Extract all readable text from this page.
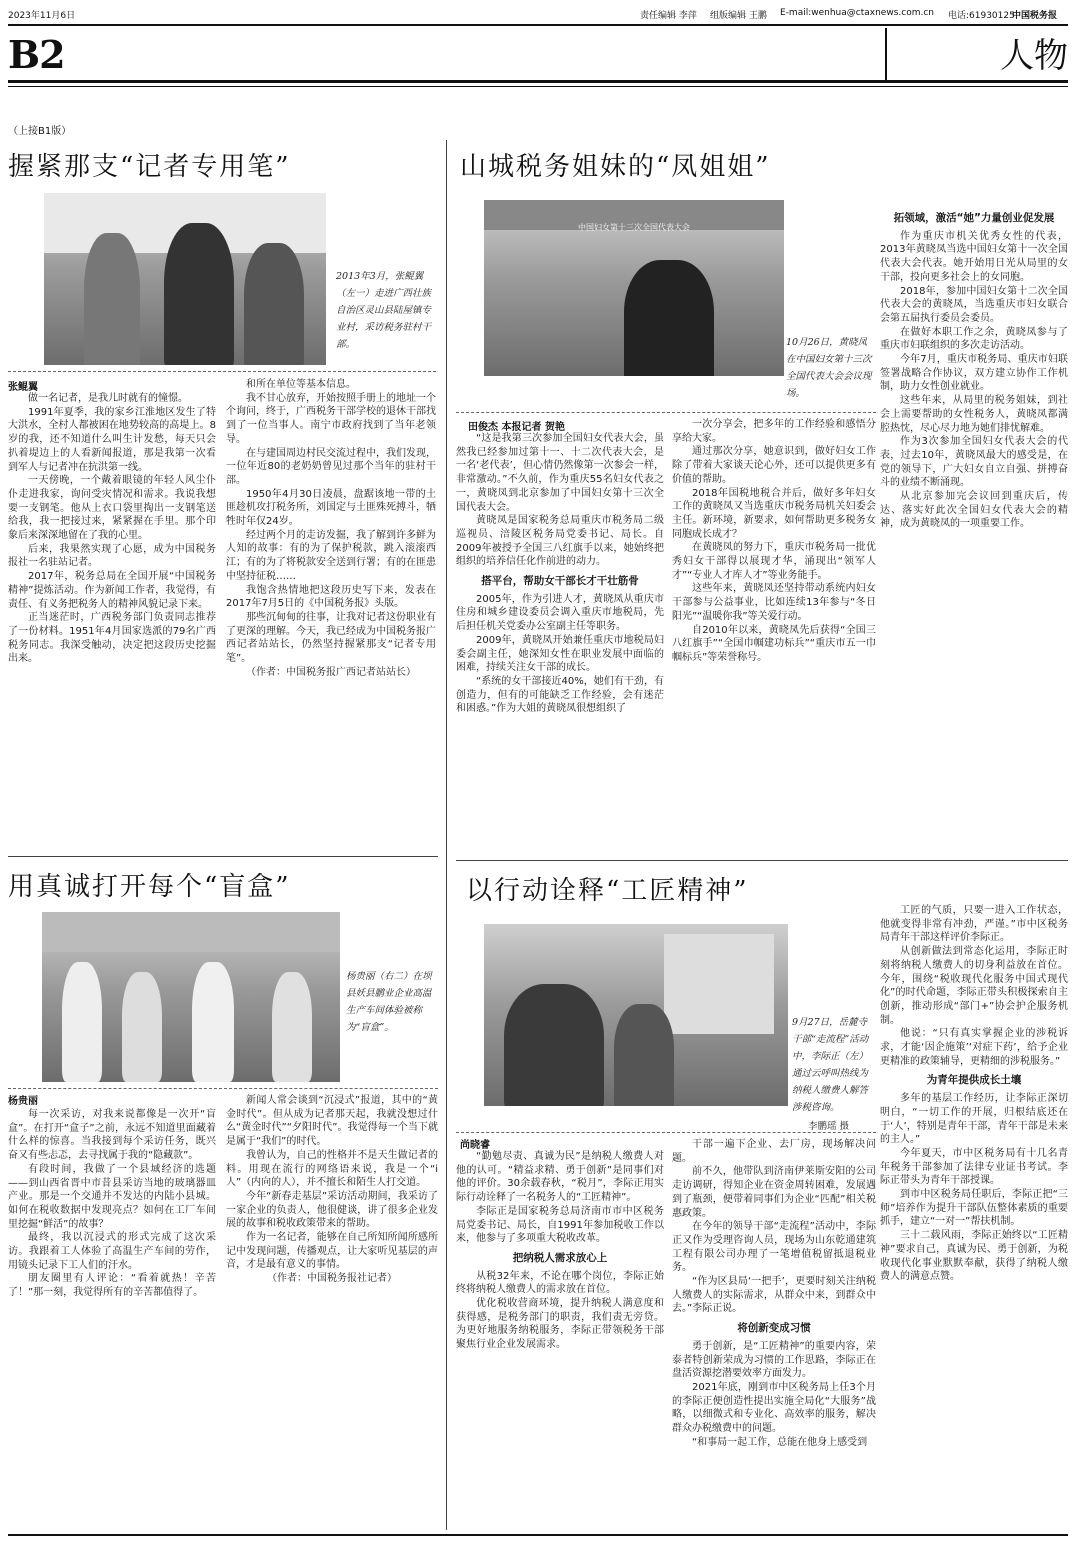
2023年11月6日	责任编辑 李萍 组版编辑 王鹏 E-mail:wenhua@ctaxnews.com.cn 电话:61930125
中国税务报
B2	人物
（上接B1版）
握紧那支“记者专用笔”
2013年3月，张鲲翼（左一）走进广西壮族自治区灵山县陆屋镇专业村，采访税务驻村干部。
张鲲翼

做一名记者，是我儿时就有的憧憬。

1991年夏季，我的家乡江淮地区发生了特大洪水，全村人都被困在地势较高的高堤上。8岁的我，还不知道什么叫生计发愁，每天只会扒着堤边上的人看新闻报道，那是我第一次看到军人与记者冲在抗洪第一线。

一天傍晚，一个戴着眼镜的年轻人风尘仆仆走进我家，询问受灾情况和需求。我说我想要一支钢笔。他从上衣口袋里掏出一支钢笔送给我，我一把接过来，紧紧握在手里。那个印象后来深深地留在了我的心里。

后来，我果然实现了心愿，成为中国税务报社一名驻站记者。

2017年，税务总局在全国开展“中国税务精神”提炼活动。作为新闻工作者，我觉得，有责任、有义务把税务人的精神风貌记录下来。

正当迷茫时，广西税务部门负责同志推荐了一份材料。1951年4月国家选派的79名广西税务同志。我深受触动，决定把这段历史挖掘出来。

和所在单位等基本信息。

我不甘心放弃，开始按照手册上的地址一个个询问，终于，广西税务干部学校的退休干部找到了一位当事人。南宁市政府找到了当年老领导。

在与建国周边村民交流过程中，我们发现，一位年近80的老奶奶曾见过那个当年的驻村干部。

1950年4月30日凌晨，盘踞该地一带的土匪趁机攻打税务所，刘国定与土匪殊死搏斗，牺牲时年仅24岁。

经过两个月的走访发掘，我了解到许多鲜为人知的故事：有的为了保护税款，跳入滚滚西江；有的为了将税款安全送到行署；有的在匪患中坚持征税……

我饱含热情地把这段历史写下来，发表在2017年7月5日的《中国税务报》头版。

那些沉甸甸的往事，让我对记者这份职业有了更深的理解。今天，我已经成为中国税务报广西记者站站长，仍然坚持握紧那支“记者专用笔”。

（作者：中国税务报广西记者站站长）

用真诚打开每个“盲盒”
杨贵丽（右二）在坝县妖县鹏业企业高温生产车间体验被称为“盲盒”。
杨贵丽

每一次采访，对我来说都像是一次开“盲盒”。在打开“盒子”之前，永远不知道里面藏着什么样的惊喜。当我接到每个采访任务，既兴奋又有些忐忑，去寻找属于我的“隐藏款”。

有段时间，我做了一个县域经济的选题——到山西省晋中市昔县采访当地的玻璃器皿产业。那是一个交通并不发达的内陆小县城。如何在税收数据中发现亮点？如何在工厂车间里挖掘“鲜活”的故事？

最终，我以沉浸式的形式完成了这次采访。我跟着工人体验了高温生产车间的劳作，用镜头记录下工人们的汗水。

朋友圈里有人评论：“看着就热！辛苦了！”那一刻，我觉得所有的辛苦都值得了。

新闻人常会谈到“沉浸式”报道，其中的“黄金时代”。但从成为记者那天起，我就没想过什么“黄金时代”“夕阳时代”。我觉得每一个当下就是属于“我们”的时代。

我曾认为，自己的性格并不是天生做记者的料。用现在流行的网络语来说，我是一个“i人”（内向的人），并不擅长和陌生人打交道。

今年“新春走基层”采访活动期间，我采访了一家企业的负责人，他很健谈，讲了很多企业发展的故事和税收政策带来的帮助。

作为一名记者，能够在自己所知所闻所感所记中发现问题，传播观点，让大家听见基层的声音，才是最有意义的事情。

（作者：中国税务报社记者）

山城税务姐妹的“凤姐姐”
中国妇女第十三次全国代表大会
10月26日，黄晓凤在中国妇女第十三次全国代表大会会议现场。
田俊杰 本报记者 贺艳

“这是我第三次参加全国妇女代表大会，虽然我已经参加过第十一、十二次代表大会，是一名‘老代表’，但心情仍然像第一次参会一样，非常激动。”不久前，作为重庆55名妇女代表之一，黄晓凤到北京参加了中国妇女第十三次全国代表大会。

黄晓凤是国家税务总局重庆市税务局二级巡视员、涪陵区税务局党委书记、局长。自2009年被授予全国三八红旗手以来，她始终把组织的培养信任化作前进的动力。

搭平台，帮助女干部长才干壮筋骨

2005年，作为引进人才，黄晓凤从重庆市住房和城乡建设委员会调入重庆市地税局，先后担任机关党委办公室副主任等职务。

2009年，黄晓凤开始兼任重庆市地税局妇委会副主任，她深知女性在职业发展中面临的困难，持续关注女干部的成长。

“系统的女干部接近40%，她们有干劲，有创造力，但有的可能缺乏工作经验，会有迷茫和困惑。”作为大姐的黄晓凤很想组织了

一次分享会，把多年的工作经验和感悟分享给大家。

通过那次分享，她意识到，做好妇女工作除了带着大家谈天论心外，还可以提供更多有价值的帮助。

2018年国税地税合并后，做好多年妇女工作的黄晓凤又当选重庆市税务局机关妇委会主任。新环境，新要求，如何帮助更多税务女同胞成长成才？

在黄晓凤的努力下，重庆市税务局一批优秀妇女干部得以展现才华，涌现出“领军人才”“专业人才库人才”等业务能手。

这些年来，黄晓凤还坚持带动系统内妇女干部参与公益事业，比如连续13年参与“冬日阳光”“温暖你我”等关爱行动。

自2010年以来，黄晓凤先后获得“全国三八红旗手”“全国巾帼建功标兵”“重庆市五一巾帼标兵”等荣誉称号。

拓领域，激活“她”力量创业促发展

作为重庆市机关优秀女性的代表，2013年黄晓凤当选中国妇女第十一次全国代表大会代表。她开始用日光从局里的女干部，投向更多社会上的女同胞。

2018年，参加中国妇女第十二次全国代表大会的黄晓凤，当选重庆市妇女联合会第五届执行委员会委员。

在做好本职工作之余，黄晓凤参与了重庆市妇联组织的多次走访活动。

今年7月，重庆市税务局、重庆市妇联签署战略合作协议，双方建立协作工作机制，助力女性创业就业。

这些年来，从局里的税务姐妹，到社会上需要帮助的女性税务人，黄晓凤都满腔热忱，尽心尽力地为她们排忧解难。

作为3次参加全国妇女代表大会的代表，过去10年，黄晓凤最大的感受是，在党的领导下，广大妇女自立自强、拼搏奋斗的业绩不断涌现。

从北京参加完会议回到重庆后，传达、落实好此次全国妇女代表大会的精神，成为黄晓凤的一项重要工作。

以行动诠释“工匠精神”
9月27日，岳麓寺干部“走流程”活动中，李际正（左）通过云呼叫热线为纳税人缴费人解答涉税咨询。
李鹏瑶 摄
尚晓睿

“勤勉尽责、真诚为民”是纳税人缴费人对他的认可。“精益求精、勇于创新”是同事们对他的评价。30余载春秋，“税月”，李际正用实际行动诠释了一名税务人的“工匠精神”。

李际正是国家税务总局济南市市中区税务局党委书记、局长，自1991年参加税收工作以来，他参与了多项重大税收改革。

把纳税人需求放心上

从税32年来，不论在哪个岗位，李际正始终将纳税人缴费人的需求放在首位。

优化税收营商环境，提升纳税人满意度和获得感，是税务部门的职责，我们责无旁贷。为更好地服务纳税服务，李际正带领税务干部聚焦行业企业发展需求。

干部一遍下企业、去厂房，现场解决问题。

前不久，他带队到济南伊莱斯安阳的公司走访调研，得知企业在资金周转困难，发展遇到了瓶颈，便带着同事们为企业“匹配”相关税惠政策。

在今年的领导干部“走流程”活动中，李际正又作为受理咨询人员，现场为山东乾通建筑工程有限公司办理了一笔增值税留抵退税业务。

“作为区县局‘一把手’，更要时刻关注纳税人缴费人的实际需求，从群众中来，到群众中去。”李际正说。

将创新变成习惯

勇于创新，是“工匠精神”的重要内容，荣泰者特创新荣成为习惯的工作思路，李际正在盘活资源挖潜要效率方面发力。

2021年底，刚到市中区税务局上任3个月的李际正便创造性提出实施全局化“大服务”战略，以细微式和专业化、高效率的服务，解决群众办税缴费中的问题。

“和事局一起工作，总能在他身上感受到

工匠的气质，只要一进入工作状态，他就变得非常有冲劲，严谨。”市中区税务局青年干部这样评价李际正。

从创新做法到常态化运用，李际正时刻将纳税人缴费人的切身利益放在首位。今年，围绕“税收现代化服务中国式现代化”的时代命题，李际正带头积极探索自主创新，推动形成“部门+”协会护企服务机制。

他说：“只有真实掌握企业的涉税诉求，才能‘因企施策’‘对症下药’，给予企业更精准的政策辅导，更精细的涉税服务。”

为青年提供成长土壤

多年的基层工作经历，让李际正深切明白，“一切工作的开展，归根结底还在于‘人’，特别是青年干部，青年干部是未来的主人。”

今年夏天，市中区税务局有十几名青年税务干部参加了法律专业证书考试。李际正带头为青年干部授课。

到市中区税务局任职后，李际正把“三师”培养作为提升干部队伍整体素质的重要抓手，建立“一对一”帮扶机制。

三十二载风雨，李际正始终以“工匠精神”要求自己，真诚为民、勇于创新，为税收现代化事业默默奉献，获得了纳税人缴费人的满意点赞。
